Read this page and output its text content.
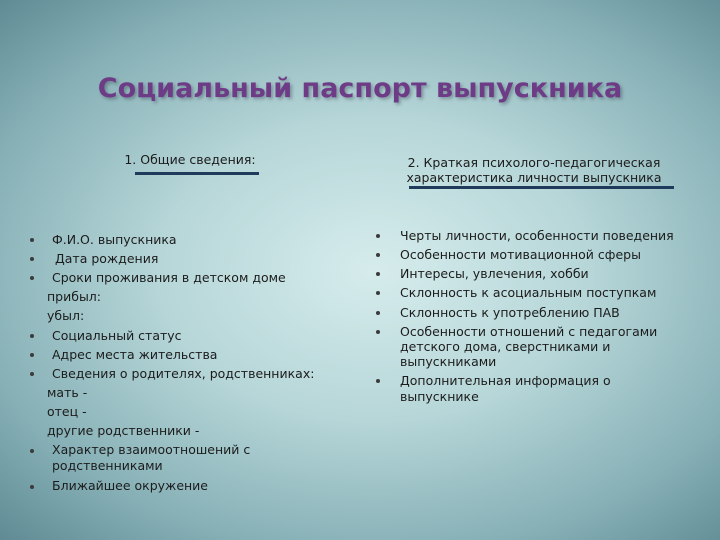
Социальный паспорт выпускника
1. Общие сведения:	2. Краткая психолого-педагогическая
характеристика личности выпускника
Ф.И.О. выпускника
Дата рождения
Сроки проживания в детском доме
прибыл:
убыл:
Социальный статус
Адрес места жительства
Сведения о родителях, родственниках:
мать -
отец -
другие родственники -
Характер взаимоотношений с
родственниками
Ближайшее окружение
Черты личности, особенности поведения
Особенности мотивационной сферы
Интересы, увлечения, хобби
Склонность к асоциальным поступкам
Склонность к употреблению ПАВ
Особенности отношений с педагогами
детского дома, сверстниками и
выпускниками
Дополнительная информация о
выпускнике
